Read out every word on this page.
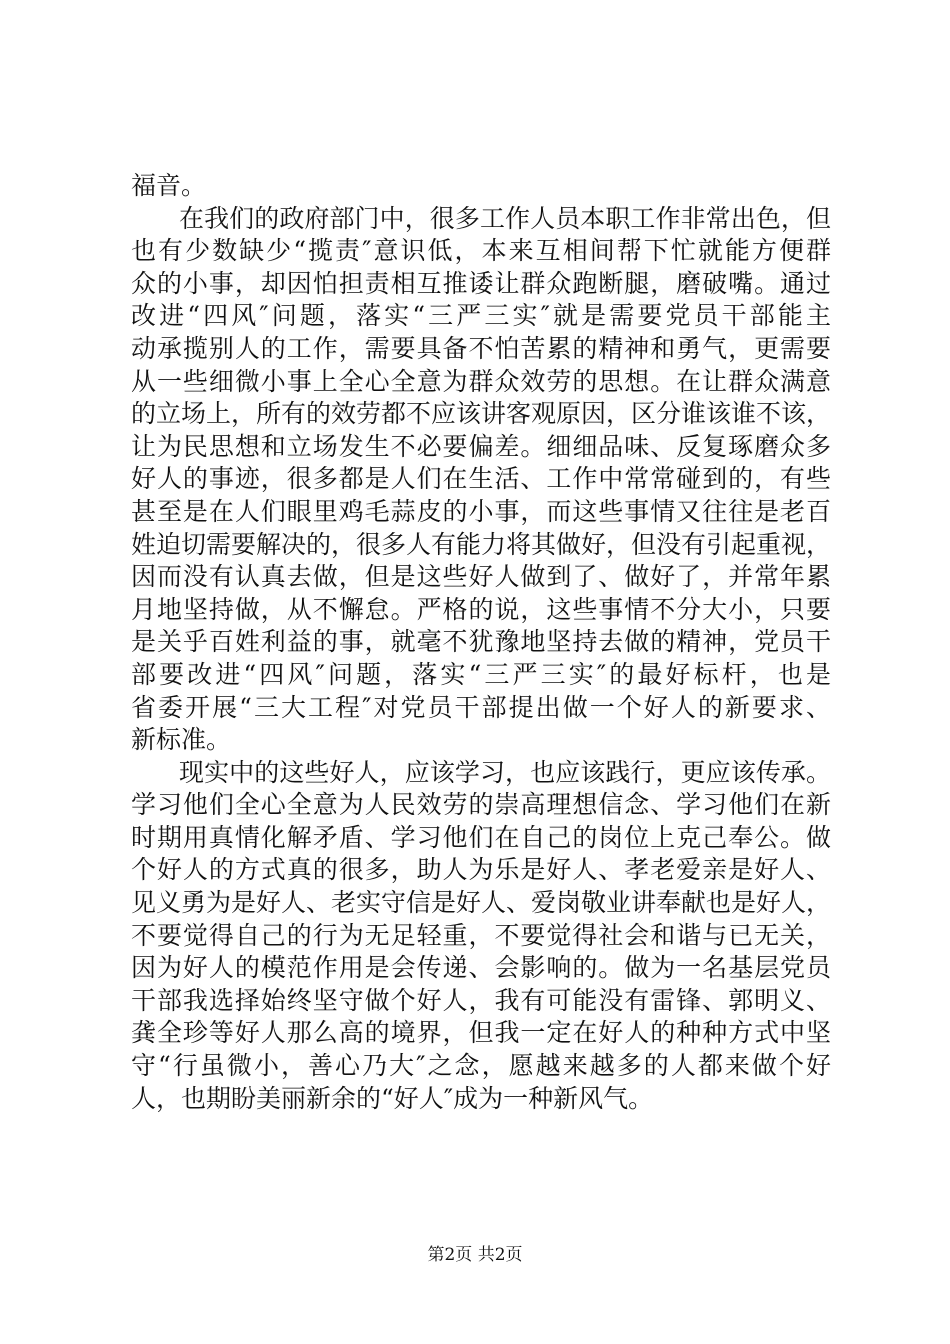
福音。
在我们的政府部门中，很多工作人员本职工作非常出色，但
也有少数缺少“揽责″意识低，本来互相间帮下忙就能方便群
众的小事，却因怕担责相互推诿让群众跑断腿，磨破嘴。通过
改进“四风″问题，落实“三严三实″就是需要党员干部能主
动承揽别人的工作，需要具备不怕苦累的精神和勇气，更需要
从一些细微小事上全心全意为群众效劳的思想。在让群众满意
的立场上，所有的效劳都不应该讲客观原因，区分谁该谁不该，
让为民思想和立场发生不必要偏差。细细品味、反复琢磨众多
好人的事迹，很多都是人们在生活、工作中常常碰到的，有些
甚至是在人们眼里鸡毛蒜皮的小事，而这些事情又往往是老百
姓迫切需要解决的，很多人有能力将其做好，但没有引起重视，
因而没有认真去做，但是这些好人做到了、做好了，并常年累
月地坚持做，从不懈怠。严格的说，这些事情不分大小，只要
是关乎百姓利益的事，就毫不犹豫地坚持去做的精神，党员干
部要改进“四风″问题，落实“三严三实″的最好标杆，也是
省委开展“三大工程″对党员干部提出做一个好人的新要求、
新标准。
现实中的这些好人，应该学习，也应该践行，更应该传承。
学习他们全心全意为人民效劳的崇高理想信念、学习他们在新
时期用真情化解矛盾、学习他们在自己的岗位上克己奉公。做
个好人的方式真的很多，助人为乐是好人、孝老爱亲是好人、
见义勇为是好人、老实守信是好人、爱岗敬业讲奉献也是好人，
不要觉得自己的行为无足轻重，不要觉得社会和谐与已无关，
因为好人的模范作用是会传递、会影响的。做为一名基层党员
干部我选择始终坚守做个好人，我有可能没有雷锋、郭明义、
龚全珍等好人那么高的境界，但我一定在好人的种种方式中坚
守“行虽微小，善心乃大″之念，愿越来越多的人都来做个好
人，也期盼美丽新余的“好人″成为一种新风气。
第2页 共2页
